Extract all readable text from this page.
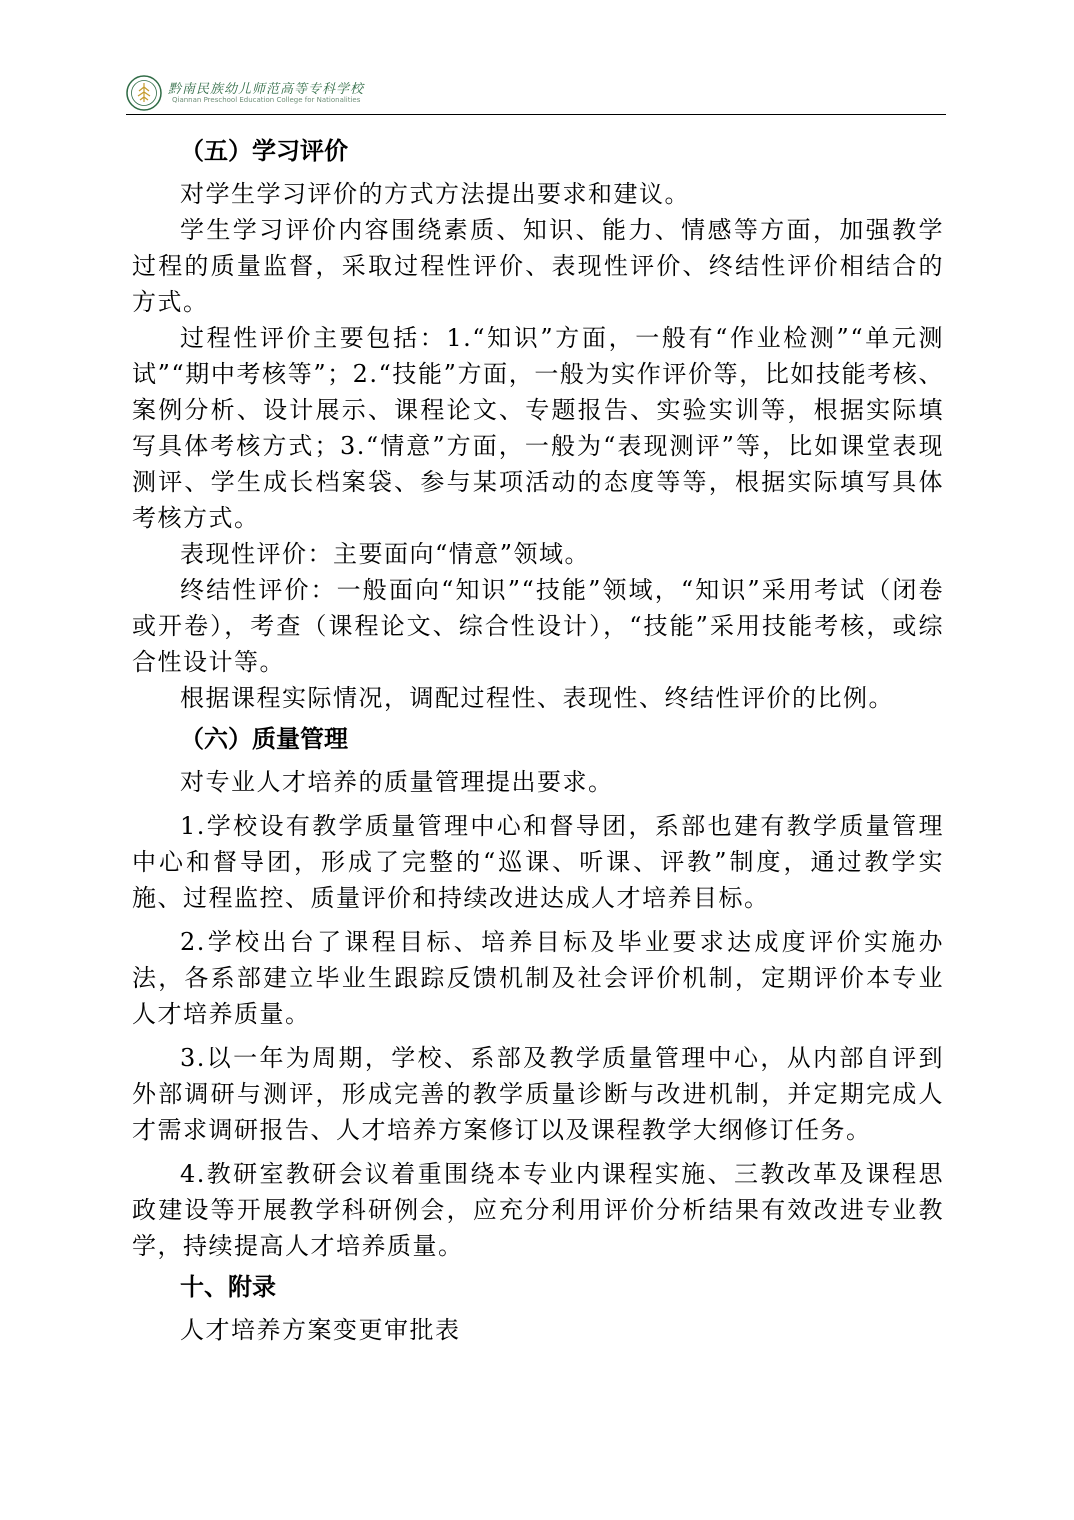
黔南民族幼儿师范高等专科学校
Qiannan Preschool Education College for Nationalities
（五）学习评价

对学生学习评价的方式方法提出要求和建议。

学生学习评价内容围绕素质、知识、能力、情感等方面，加强教学过程的质量监督，采取过程性评价、表现性评价、终结性评价相结合的方式。

过程性评价主要包括：1.“知识”方面，一般有“作业检测”“单元测试”“期中考核等”；2.“技能”方面，一般为实作评价等，比如技能考核、案例分析、设计展示、课程论文、专题报告、实验实训等，根据实际填写具体考核方式；3.“情意”方面，一般为“表现测评”等，比如课堂表现测评、学生成长档案袋、参与某项活动的态度等等，根据实际填写具体考核方式。

表现性评价：主要面向“情意”领域。

终结性评价：一般面向“知识”“技能”领域，“知识”采用考试（闭卷或开卷），考查（课程论文、综合性设计），“技能”采用技能考核，或综合性设计等。

根据课程实际情况，调配过程性、表现性、终结性评价的比例。

（六）质量管理

对专业人才培养的质量管理提出要求。

1.学校设有教学质量管理中心和督导团，系部也建有教学质量管理中心和督导团，形成了完整的“巡课、听课、评教”制度，通过教学实施、过程监控、质量评价和持续改进达成人才培养目标。

2.学校出台了课程目标、培养目标及毕业要求达成度评价实施办法，各系部建立毕业生跟踪反馈机制及社会评价机制，定期评价本专业人才培养质量。

3.以一年为周期，学校、系部及教学质量管理中心，从内部自评到外部调研与测评，形成完善的教学质量诊断与改进机制，并定期完成人才需求调研报告、人才培养方案修订以及课程教学大纲修订任务。

4.教研室教研会议着重围绕本专业内课程实施、三教改革及课程思政建设等开展教学科研例会，应充分利用评价分析结果有效改进专业教学，持续提高人才培养质量。

十、附录

人才培养方案变更审批表
